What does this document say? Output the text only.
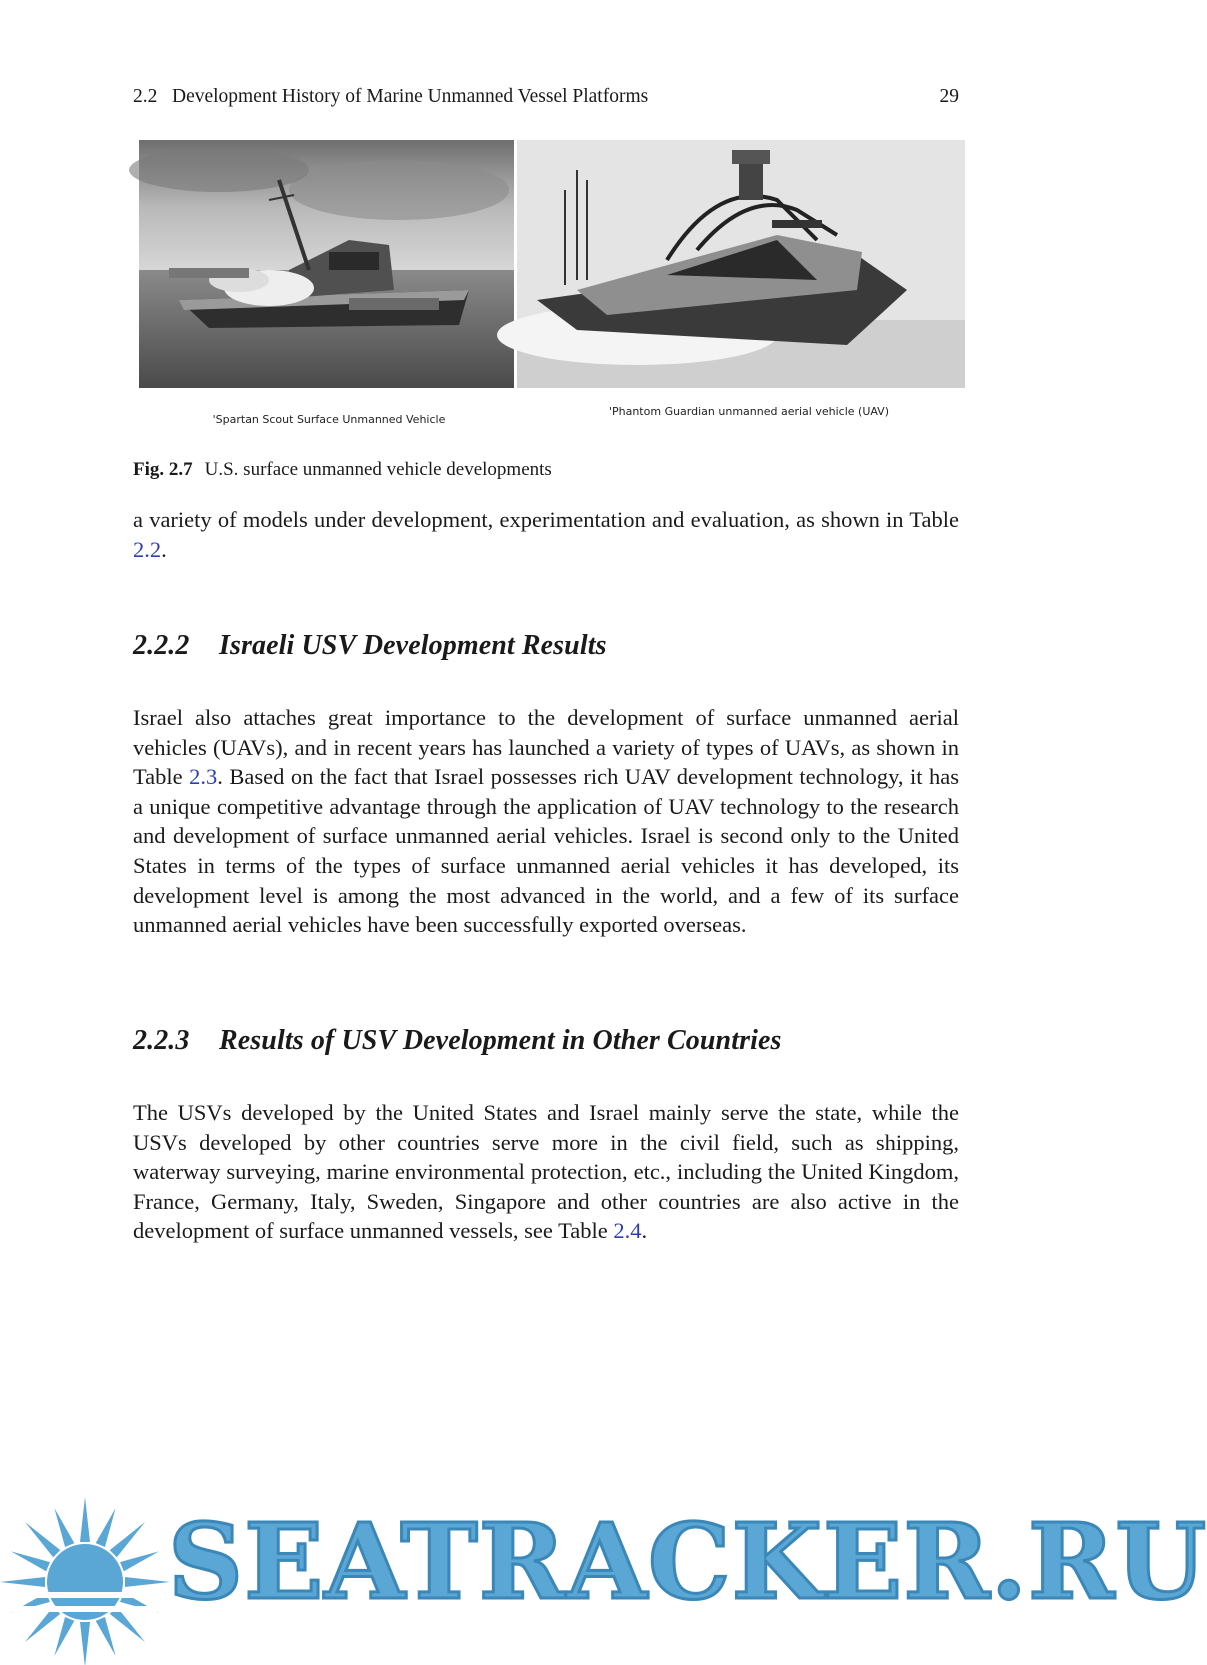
2.2   Development History of Marine Unmanned Vessel Platforms	29
'Spartan Scout Surface Unmanned Vehicle
'Phantom Guardian unmanned aerial vehicle (UAV)
Fig. 2.7 U.S. surface unmanned vehicle developments
a variety of models under development, experimentation and evaluation, as shown in Table 2.2.
2.2.2 Israeli USV Development Results
Israel also attaches great importance to the development of surface unmanned aerial vehicles (UAVs), and in recent years has launched a variety of types of UAVs, as shown in Table 2.3. Based on the fact that Israel possesses rich UAV development technology, it has a unique competitive advantage through the application of UAV technology to the research and development of surface unmanned aerial vehicles. Israel is second only to the United States in terms of the types of surface unmanned aerial vehicles it has developed, its development level is among the most advanced in the world, and a few of its surface unmanned aerial vehicles have been successfully exported overseas.
2.2.3 Results of USV Development in Other Countries
The USVs developed by the United States and Israel mainly serve the state, while the USVs developed by other countries serve more in the civil field, such as shipping, waterway surveying, marine environmental protection, etc., including the United Kingdom, France, Germany, Italy, Sweden, Singapore and other countries are also active in the development of surface unmanned vessels, see Table 2.4.
SEATRACKER.RU
